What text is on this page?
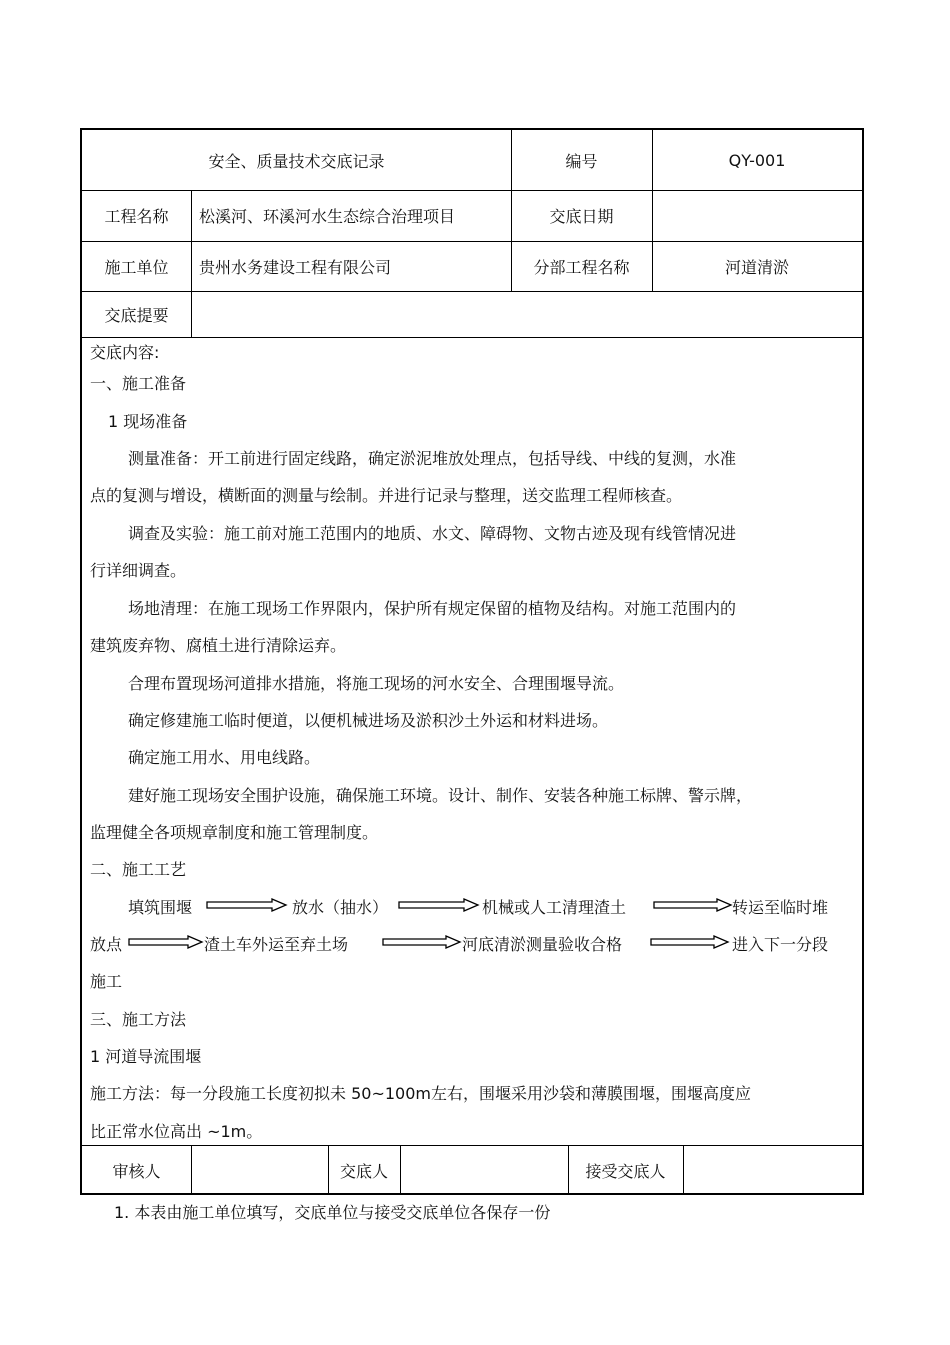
安全、质量技术交底记录	编号	QY-001
工程名称	松溪河、环溪河水生态综合治理项目	交底日期
施工单位	贵州水务建设工程有限公司	分部工程名称	河道清淤
交底提要
交底内容:
一、施工准备
1 现场准备
测量准备：开工前进行固定线路，确定淤泥堆放处理点，包括导线、中线的复测，水准
点的复测与增设，横断面的测量与绘制。并进行记录与整理，送交监理工程师核查。
调查及实验：施工前对施工范围内的地质、水文、障碍物、文物古迹及现有线管情况进
行详细调查。
场地清理：在施工现场工作界限内，保护所有规定保留的植物及结构。对施工范围内的
建筑废弃物、腐植土进行清除运弃。
合理布置现场河道排水措施，将施工现场的河水安全、合理围堰导流。
确定修建施工临时便道，以便机械进场及淤积沙土外运和材料进场。
确定施工用水、用电线路。
建好施工现场安全围护设施，确保施工环境。设计、制作、安装各种施工标牌、警示牌，
监理健全各项规章制度和施工管理制度。
二、施工工艺
填筑围堰	放水（抽水）	机械或人工清理渣土	转运至临时堆
放点	渣土车外运至弃土场	河底清淤测量验收合格	进入下一分段
施工
三、施工方法
1 河道导流围堰
施工方法：每一分段施工长度初拟未 50~100m左右，围堰采用沙袋和薄膜围堰，围堰高度应
比正常水位高出 ~1m。
审核人	交底人	接受交底人
1. 本表由施工单位填写，交底单位与接受交底单位各保存一份
